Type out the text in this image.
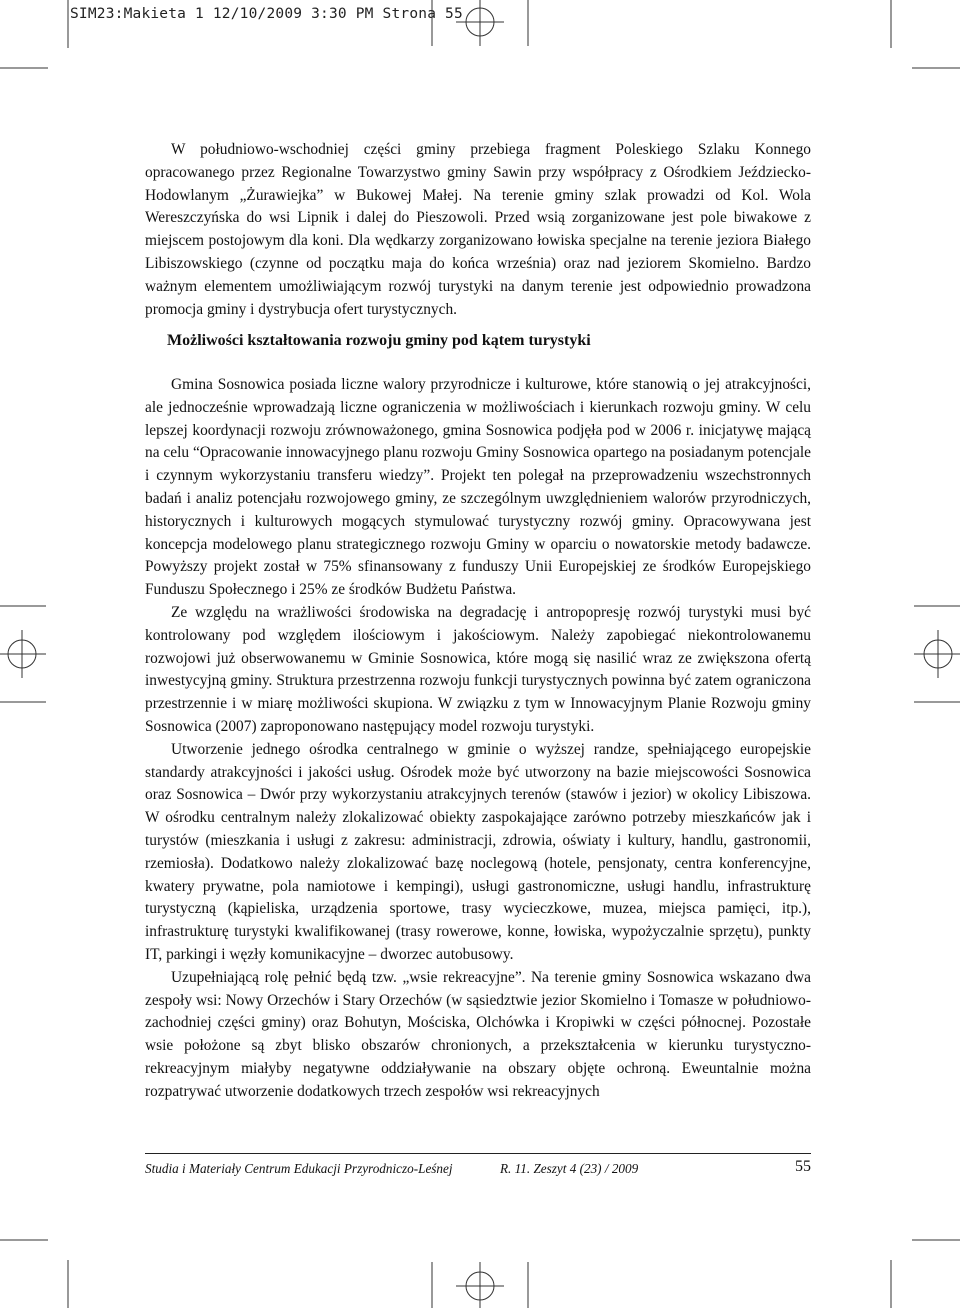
SIM23:Makieta 1 12/10/2009 3:30 PM Strona 55

W południowo-wschodniej części gminy przebiega fragment Poleskiego Szlaku Konnego opracowanego przez Regionalne Towarzystwo gminy Sawin przy współpracy z Ośrodkiem Jeździecko-Hodowlanym „Żurawiejka” w Bukowej Małej. Na terenie gminy szlak prowadzi od Kol. Wola Wereszczyńska do wsi Lipnik i dalej do Pieszowoli. Przed wsią zorganizowane jest pole biwakowe z miejscem postojowym dla koni. Dla wędkarzy zorganizowano łowiska specjalne na terenie jeziora Białego Libiszowskiego (czynne od początku maja do końca września) oraz nad jeziorem Skomielno. Bardzo ważnym elementem umożliwiającym rozwój turystyki na danym terenie jest odpowiednio prowadzona promocja gminy i dystrybucja ofert turystycznych.

Możliwości kształtowania rozwoju gminy pod kątem turystyki

Gmina Sosnowica posiada liczne walory przyrodnicze i kulturowe, które stanowią o jej atrakcyjności, ale jednocześnie wprowadzają liczne ograniczenia w możliwościach i kierunkach rozwoju gminy. W celu lepszej koordynacji rozwoju zrównoważonego, gmina Sosnowica podjęła pod w 2006 r. inicjatywę mającą na celu “Opracowanie innowacyjnego planu rozwoju Gminy Sosnowica opartego na posiadanym potencjale i czynnym wykorzystaniu transferu wiedzy”. Projekt ten polegał na przeprowadzeniu wszechstronnych badań i analiz potencjału rozwojowego gminy, ze szczególnym uwzględnieniem walorów przyrodniczych, historycznych i kulturowych mogących stymulować turystyczny rozwój gminy. Opracowywana jest koncepcja modelowego planu strategicznego rozwoju Gminy w oparciu o nowatorskie metody badawcze. Powyższy projekt został w 75% sfinansowany z funduszy Unii Europejskiej ze środków Europejskiego Funduszu Społecznego i 25% ze środków Budżetu Państwa.

Ze względu na wrażliwości środowiska na degradację i antropopresję rozwój turystyki musi być kontrolowany pod względem ilościowym i jakościowym. Należy zapobiegać niekontrolowanemu rozwojowi już obserwowanemu w Gminie Sosnowica, które mogą się nasilić wraz ze zwiększona ofertą inwestycyjną gminy. Struktura przestrzenna rozwoju funkcji turystycznych powinna być zatem ograniczona przestrzennie i w miarę możliwości skupiona. W związku z tym w Innowacyjnym Planie Rozwoju gminy Sosnowica (2007) zaproponowano następujący model rozwoju turystyki.

Utworzenie jednego ośrodka centralnego w gminie o wyższej randze, spełniającego europejskie standardy atrakcyjności i jakości usług. Ośrodek może być utworzony na bazie miejscowości Sosnowica oraz Sosnowica – Dwór przy wykorzystaniu atrakcyjnych terenów (stawów i jezior) w okolicy Libiszowa. W ośrodku centralnym należy zlokalizować obiekty zaspokajające zarówno potrzeby mieszkańców jak i turystów (mieszkania i usługi z zakresu: administracji, zdrowia, oświaty i kultury, handlu, gastronomii, rzemiosła). Dodatkowo należy zlokalizować bazę noclegową (hotele, pensjonaty, centra konferencyjne, kwatery prywatne, pola namiotowe i kempingi), usługi gastronomiczne, usługi handlu, infrastrukturę turystyczną (kąpieliska, urządzenia sportowe, trasy wycieczkowe, muzea, miejsca pamięci, itp.), infrastrukturę turystyki kwalifikowanej (trasy rowerowe, konne, łowiska, wypożyczalnie sprzętu), punkty IT, parkingi i węzły komunikacyjne – dworzec autobusowy.

Uzupełniającą rolę pełnić będą tzw. „wsie rekreacyjne”. Na terenie gminy Sosnowica wskazano dwa zespoły wsi: Nowy Orzechów i Stary Orzechów (w sąsiedztwie jezior Skomielno i Tomasze w południowo-zachodniej części gminy) oraz Bohutyn, Mościska, Olchówka i Kropiwki w części północnej. Pozostałe wsie położone są zbyt blisko obszarów chronionych, a przekształcenia w kierunku turystyczno-rekreacyjnym miałyby negatywne oddziaływanie na obszary objęte ochroną. Eweuntalnie można rozpatrywać utworzenie dodatkowych trzech zespołów wsi rekreacyjnych

Studia i Materiały Centrum Edukacji Przyrodniczo-Leśnej	R. 11. Zeszyt 4 (23) / 2009	55
